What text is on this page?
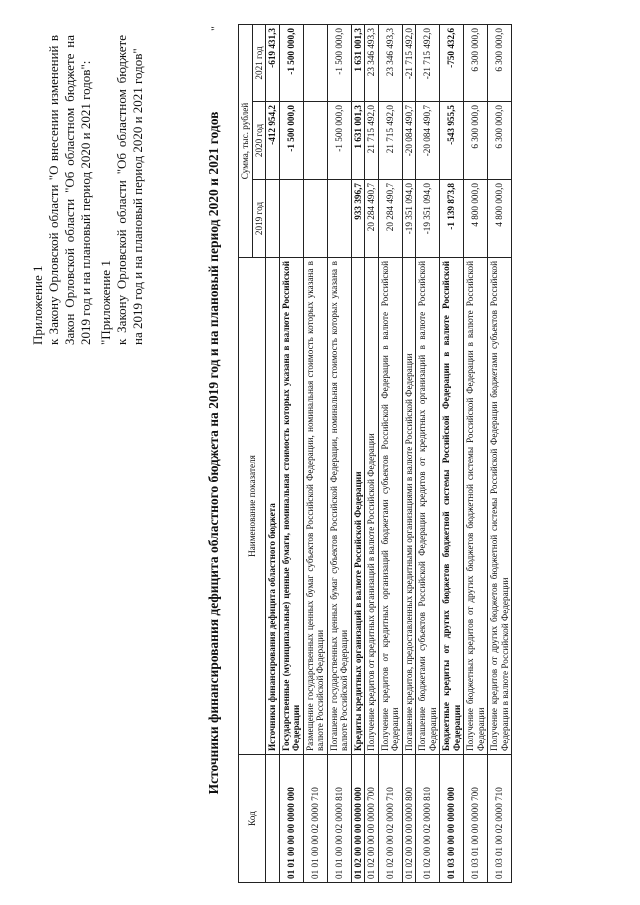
Приложение 1 к Закону Орловской области "О внесении изменений в Закон Орловской области "Об областном бюджете на 2019 год и на плановый период 2020 и 2021 годов": "Приложение 1 к Закону Орловской области "Об областном бюджете на 2019 год и на плановый период 2020 и 2021 годов"

"
Источники финансирования дефицита областного бюджета на 2019 год и на плановый период 2020 и 2021 годов
Код	Наименование показателя	Сумма, тыс. рублей		
		2019 год	2020 год	2021 год
	Источники финансирования дефицита областного бюджета		-412 954,2	-619 431,3
01 01 00 00 00 0000 000	Государственные (муниципальные) ценные бумаги, номинальная стоимость которых указана в валюте Российской Федерации		-1 500 000,0	-1 500 000,0
01 01 00 00 02 0000 710	Размещение государственных ценных бумаг субъектов Российской Федерации, номинальная стоимость которых указана в валюте Российской Федерации			
01 01 00 00 02 0000 810	Погашение государственных ценных бумаг субъектов Российской Федерации, номинальная стоимость которых указана в валюте Российской Федерации		-1 500 000,0	-1 500 000,0
01 02 00 00 00 0000 000	Кредиты кредитных организаций в валюте Российской Федерации	933 396,7	1 631 001,3	1 631 001,3
01 02 00 00 00 0000 700	Получение кредитов от кредитных организаций в валюте Российской Федерации	20 284 490,7	21 715 492,0	23 346 493,3
01 02 00 00 02 0000 710	Получение кредитов от кредитных организаций бюджетами субъектов Российской Федерации в валюте Российской Федерации	20 284 490,7	21 715 492,0	23 346 493,3
01 02 00 00 00 0000 800	Погашение кредитов, предоставленных кредитными организациями в валюте Российской Федерации	-19 351 094,0	-20 084 490,7	-21 715 492,0
01 02 00 00 02 0000 810	Погашение бюджетами субъектов Российской Федерации кредитов от кредитных организаций в валюте Российской Федерации	-19 351 094,0	-20 084 490,7	-21 715 492,0
01 03 00 00 00 0000 000	Бюджетные кредиты от других бюджетов бюджетной системы Российской Федерации в валюте Российской Федерации	-1 139 873,8	-543 955,5	-750 432,6
01 03 01 00 00 0000 700	Получение бюджетных кредитов от других бюджетов бюджетной системы Российской Федерации в валюте Российской Федерации	4 800 000,0	6 300 000,0	6 300 000,0
01 03 01 00 02 0000 710	Получение кредитов от других бюджетов бюджетной системы Российской Федерации бюджетами субъектов Российской Федерации в валюте Российской Федерации	4 800 000,0	6 300 000,0	6 300 000,0
